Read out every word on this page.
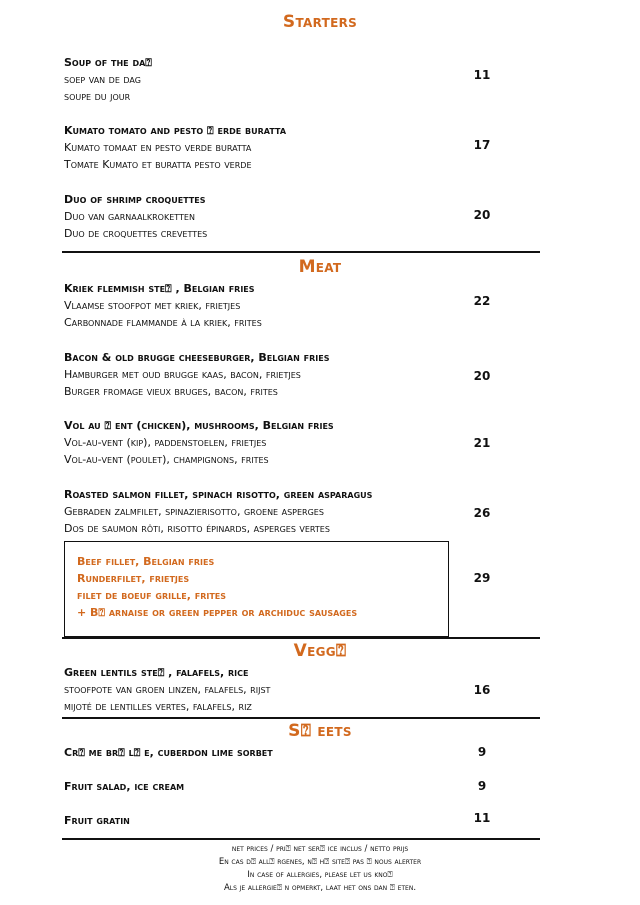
Starters
Soup of the da⍰
soep van de dag
soupe du jour
11
Kumato tomato and pesto ⍰ erde buratta
Kumato tomaat en pesto verde buratta
Tomate Kumato et buratta pesto verde
17
Duo of shrimp croquettes
Duo van garnaalkroketten
Duo de croquettes crevettes
20
Meat
Kriek flemmish ste⍰ , Belgian fries
Vlaamse stoofpot met kriek, frietjes
Carbonnade flammande à la kriek, frites
22
Bacon & old brugge cheeseburger, Belgian fries
Hamburger met oud brugge kaas, bacon, frietjes
Burger fromage vieux bruges, bacon, frites
20
Vol au ⍰ ent (chicken), mushrooms, Belgian fries
Vol-au-vent (kip), paddenstoelen, frietjes
Vol-au-vent (poulet), champignons, frites
21
Roasted salmon fillet, spinach risotto, green asparagus
Gebraden zalmfilet, spinazierisotto, groene asperges
Dos de saumon rôti, risotto épinards, asperges vertes
26
Beef fillet, Belgian fries
Runderfilet, frietjes
filet de boeuf grille, frites
+ B⍰ arnaise or green pepper or archiduc sausages
29
Vegg⍰
Green lentils ste⍰ , falafels, rice
stoofpote van groen linzen, falafels, rijst
mijoté de lentilles vertes, falafels, riz
16
S⍰ eets
Cr⍰ me br⍰ l⍰ e, cuberdon lime sorbet	9
Fruit salad, ice cream	9
Fruit gratin	11
net prices / pri⍰ net ser⍰ ice inclus / netto prijs
En cas d⍰ all⍰ rgenes, n⍰ h⍰ site⍰ pas ⍰ nous alerter
In case of allergies, please let us kno⍰
Als je allergie⍰ n opmerkt, laat het ons dan ⍰ eten.
